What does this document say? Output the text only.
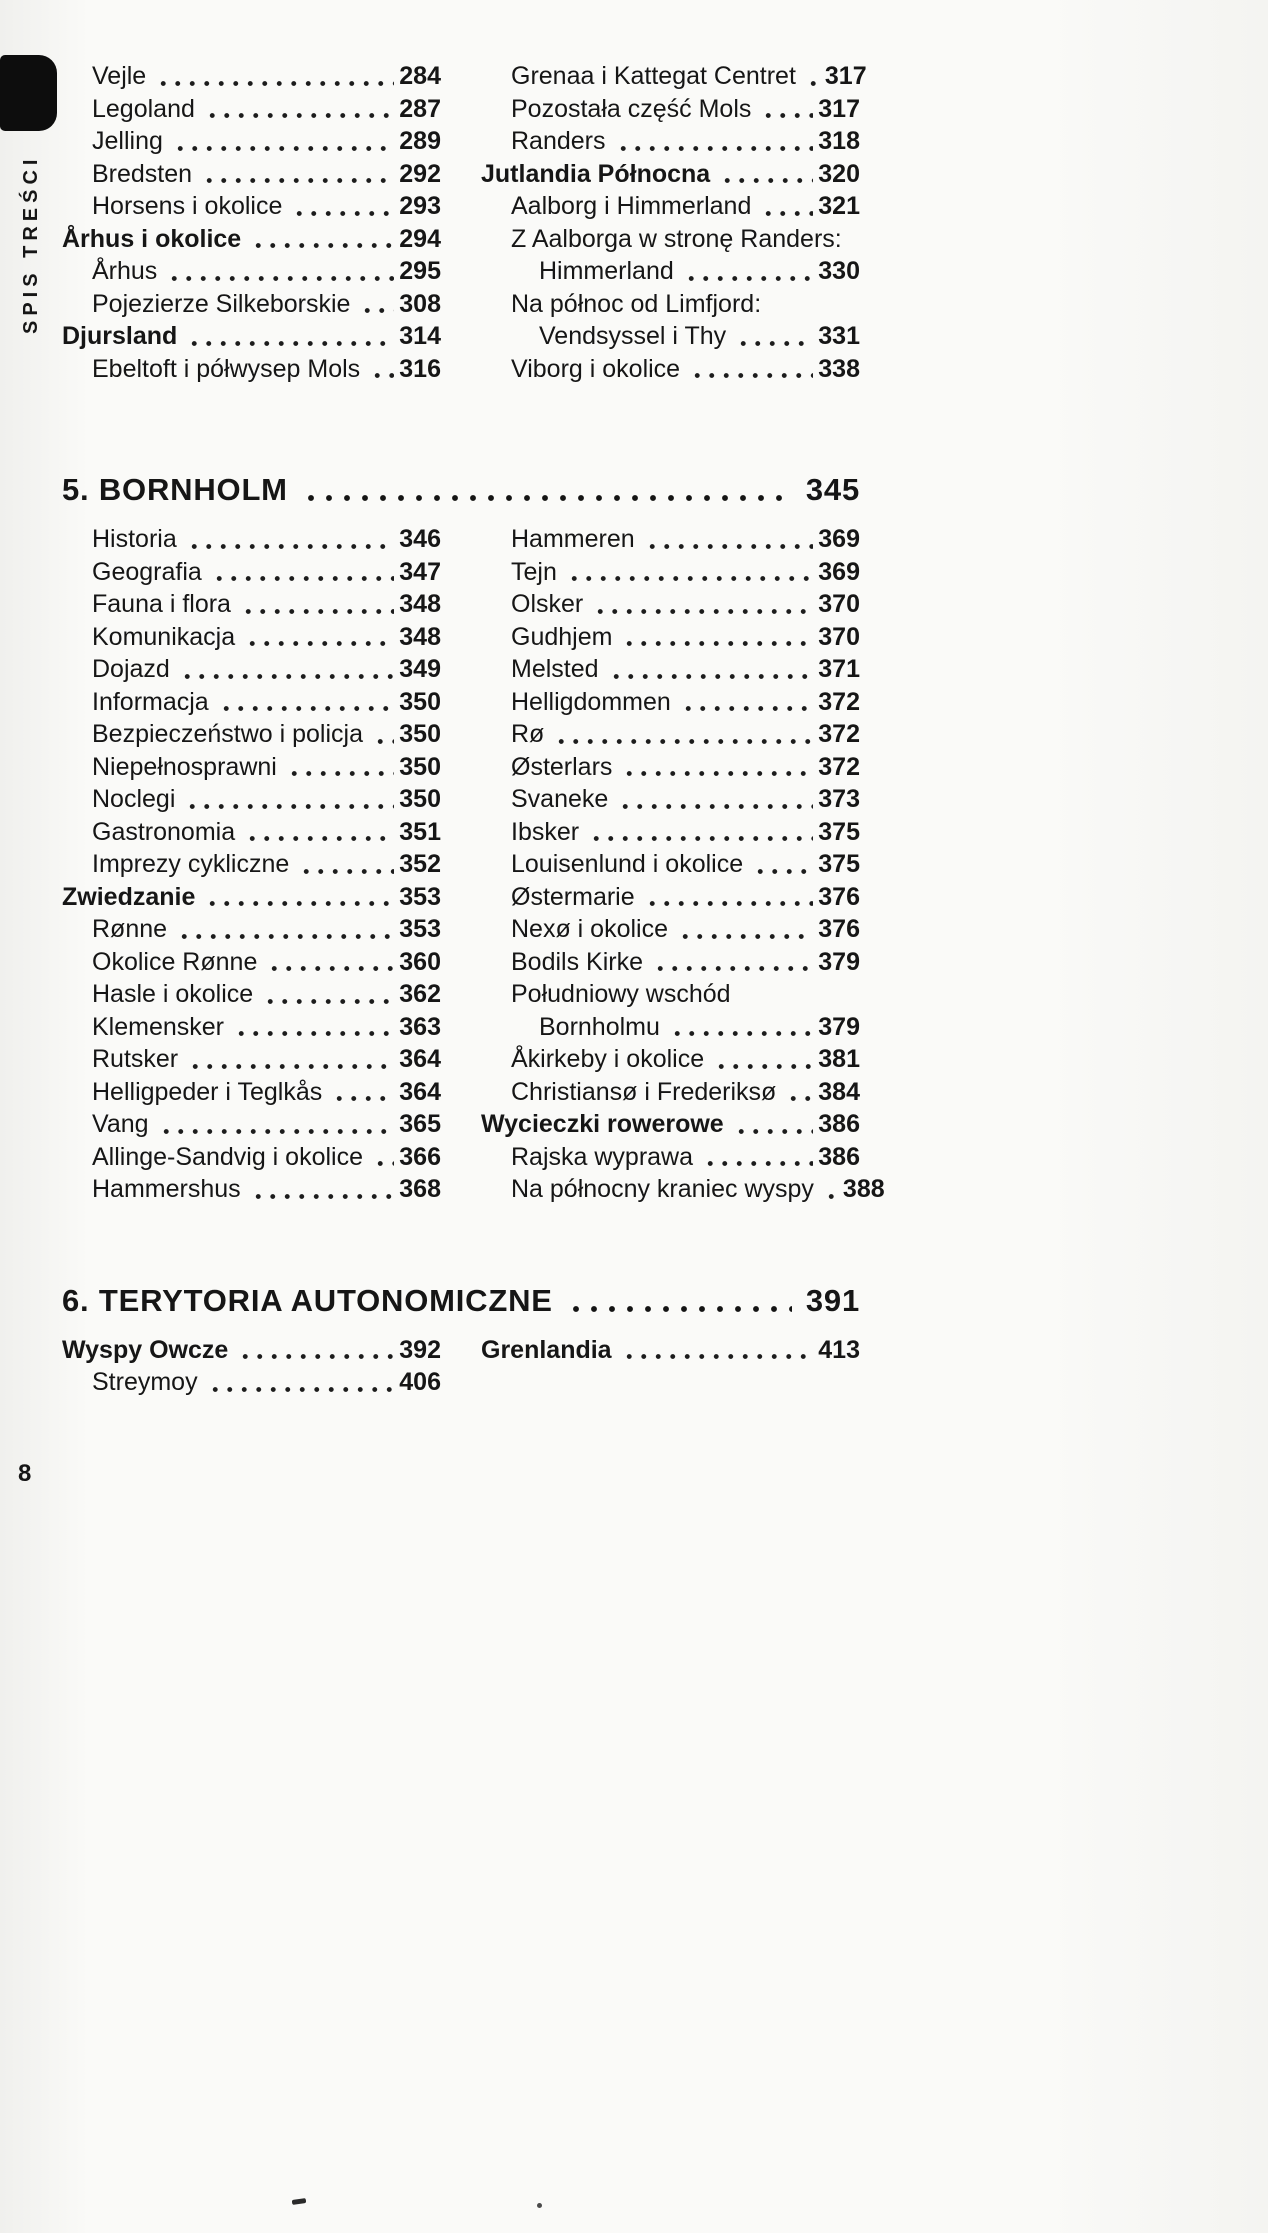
SPIS TREŚCI
Vejle	284
Legoland	287
Jelling	289
Bredsten	292
Horsens i okolice	293
Århus i okolice	294
Århus	295
Pojezierze Silkeborskie 308
Djursland	314
Ebeltoft i półwysep Mols 316
Grenaa i Kattegat Centret 317
Pozostała część Mols	317
Randers	318
Jutlandia Północna	320
Aalborg i Himmerland	321
Z Aalborga w stronę Randers:
Himmerland	330
Na północ od Limfjord:
Vendsyssel i Thy	331
Viborg i okolice	338
5. BORNHOLM	345
Historia	346
Geografia	347
Fauna i flora	348
Komunikacja	348
Dojazd	349
Informacja	350
Bezpieczeństwo i policja 350
Niepełnosprawni	350
Noclegi	350
Gastronomia	351
Imprezy cykliczne	352
Zwiedzanie	353
Rønne	353
Okolice Rønne	360
Hasle i okolice	362
Klemensker	363
Rutsker	364
Helligpeder i Teglkås	364
Vang	365
Allinge-Sandvig i okolice 366
Hammershus	368
Hammeren	369
Tejn	369
Olsker	370
Gudhjem	370
Melsted	371
Helligdommen	372
Rø	372
Østerlars	372
Svaneke	373
Ibsker	375
Louisenlund i okolice	375
Østermarie	376
Nexø i okolice	376
Bodils Kirke	379
Południowy wschód
Bornholmu	379
Åkirkeby i okolice	381
Christiansø i Frederiksø 384
Wycieczki rowerowe	386
Rajska wyprawa	386
Na północny kraniec wyspy 388
6. TERYTORIA AUTONOMICZNE	391
Wyspy Owcze	392
Streymoy	406
Grenlandia	413
8
